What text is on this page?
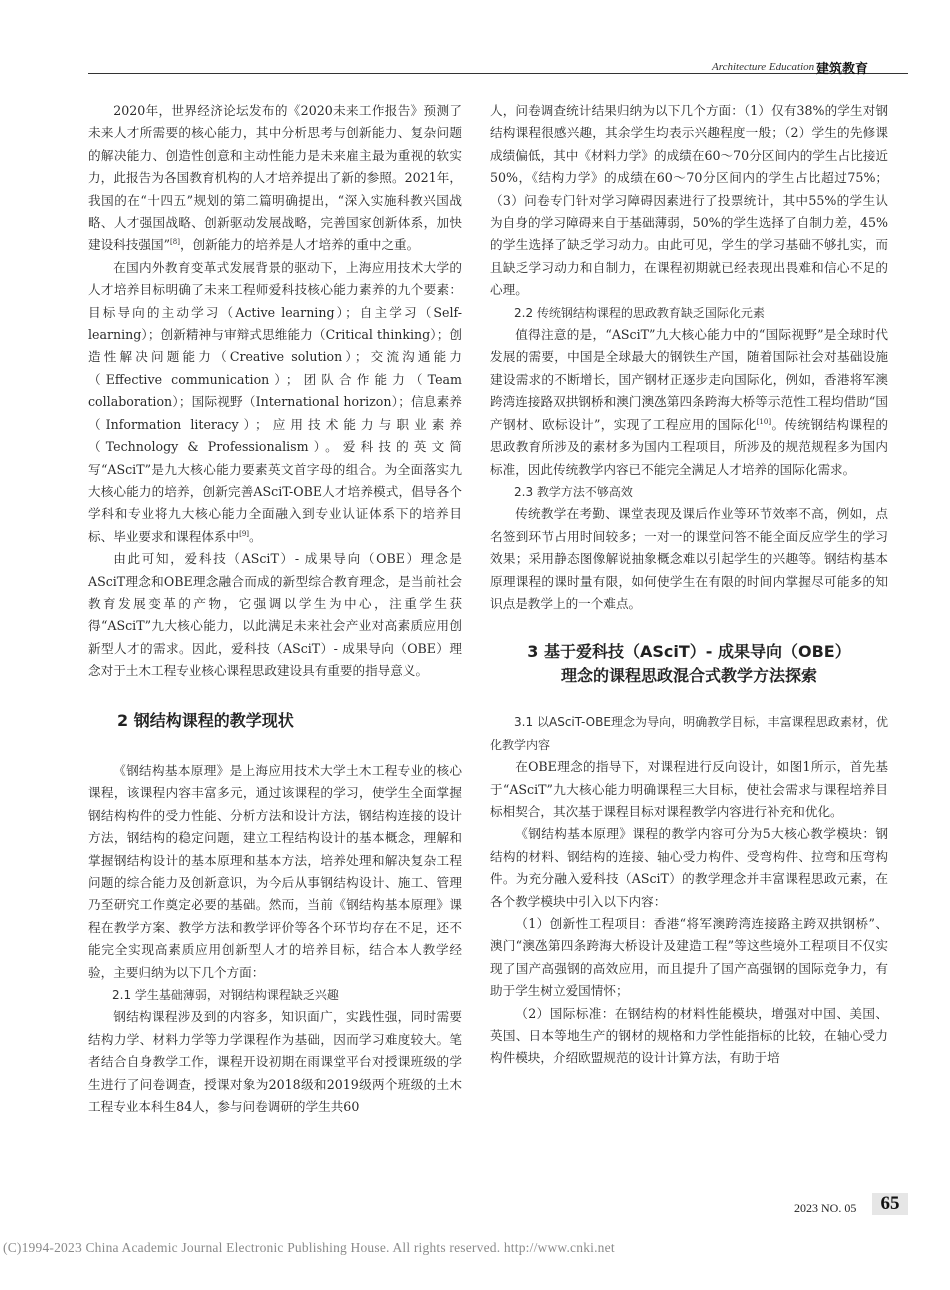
Architecture Education 建筑教育

2020年，世界经济论坛发布的《2020未来工作报告》预测了未来人才所需要的核心能力，其中分析思考与创新能力、复杂问题的解决能力、创造性创意和主动性能力是未来雇主最为重视的软实力，此报告为各国教育机构的人才培养提出了新的参照。2021年，我国的在“十四五”规划的第二篇明确提出，“深入实施科教兴国战略、人才强国战略、创新驱动发展战略，完善国家创新体系，加快建设科技强国”[8]，创新能力的培养是人才培养的重中之重。

在国内外教育变革式发展背景的驱动下，上海应用技术大学的人才培养目标明确了未来工程师爱科技核心能力素养的九个要素：目标导向的主动学习（Active learning）；自主学习（Self-learning）；创新精神与审辩式思维能力（Critical thinking）；创造性解决问题能力（Creative solution）；交流沟通能力（Effective communication）；团队合作能力（Team collaboration）；国际视野（International horizon）；信息素养（Information literacy）；应用技术能力与职业素养（Technology & Professionalism）。爱科技的英文简写“ASciT”是九大核心能力要素英文首字母的组合。为全面落实九大核心能力的培养，创新完善ASciT-OBE人才培养模式，倡导各个学科和专业将九大核心能力全面融入到专业认证体系下的培养目标、毕业要求和课程体系中[9]。

由此可知，爱科技（ASciT）- 成果导向（OBE）理念是ASciT理念和OBE理念融合而成的新型综合教育理念，是当前社会教育发展变革的产物，它强调以学生为中心，注重学生获得“ASciT”九大核心能力，以此满足未来社会产业对高素质应用创新型人才的需求。因此，爱科技（ASciT）- 成果导向（OBE）理念对于土木工程专业核心课程思政建设具有重要的指导意义。

2 钢结构课程的教学现状

《钢结构基本原理》是上海应用技术大学土木工程专业的核心课程，该课程内容丰富多元，通过该课程的学习，使学生全面掌握钢结构构件的受力性能、分析方法和设计方法，钢结构连接的设计方法，钢结构的稳定问题，建立工程结构设计的基本概念，理解和掌握钢结构设计的基本原理和基本方法，培养处理和解决复杂工程问题的综合能力及创新意识，为今后从事钢结构设计、施工、管理乃至研究工作奠定必要的基础。然而，当前《钢结构基本原理》课程在教学方案、教学方法和教学评价等各个环节均存在不足，还不能完全实现高素质应用创新型人才的培养目标，结合本人教学经验，主要归纳为以下几个方面：

2.1 学生基础薄弱，对钢结构课程缺乏兴趣

钢结构课程涉及到的内容多，知识面广，实践性强，同时需要结构力学、材料力学等力学课程作为基础，因而学习难度较大。笔者结合自身教学工作，课程开设初期在雨课堂平台对授课班级的学生进行了问卷调查，授课对象为2018级和2019级两个班级的土木工程专业本科生84人，参与问卷调研的学生共60

人，问卷调查统计结果归纳为以下几个方面：（1）仅有38%的学生对钢结构课程很感兴趣，其余学生均表示兴趣程度一般；（2）学生的先修课成绩偏低，其中《材料力学》的成绩在60～70分区间内的学生占比接近50%，《结构力学》的成绩在60～70分区间内的学生占比超过75%；（3）问卷专门针对学习障碍因素进行了投票统计，其中55%的学生认为自身的学习障碍来自于基础薄弱，50%的学生选择了自制力差，45%的学生选择了缺乏学习动力。由此可见，学生的学习基础不够扎实，而且缺乏学习动力和自制力，在课程初期就已经表现出畏难和信心不足的心理。

2.2 传统钢结构课程的思政教育缺乏国际化元素

值得注意的是，“ASciT”九大核心能力中的“国际视野”是全球时代发展的需要，中国是全球最大的钢铁生产国，随着国际社会对基础设施建设需求的不断增长，国产钢材正逐步走向国际化，例如，香港将军澳跨湾连接路双拱钢桥和澳门澳氹第四条跨海大桥等示范性工程均借助“国产钢材、欧标设计”，实现了工程应用的国际化[10]。传统钢结构课程的思政教育所涉及的素材多为国内工程项目，所涉及的规范规程多为国内标准，因此传统教学内容已不能完全满足人才培养的国际化需求。

2.3 教学方法不够高效

传统教学在考勤、课堂表现及课后作业等环节效率不高，例如，点名签到环节占用时间较多；一对一的课堂问答不能全面反应学生的学习效果；采用静态图像解说抽象概念难以引起学生的兴趣等。钢结构基本原理课程的课时量有限，如何使学生在有限的时间内掌握尽可能多的知识点是教学上的一个难点。

3 基于爱科技（ASciT）- 成果导向（OBE）
理念的课程思政混合式教学方法探索
3.1 以ASciT-OBE理念为导向，明确教学目标，丰富课程思政素材，优化教学内容

在OBE理念的指导下，对课程进行反向设计，如图1所示，首先基于“ASciT”九大核心能力明确课程三大目标，使社会需求与课程培养目标相契合，其次基于课程目标对课程教学内容进行补充和优化。

《钢结构基本原理》课程的教学内容可分为5大核心教学模块：钢结构的材料、钢结构的连接、轴心受力构件、受弯构件、拉弯和压弯构件。为充分融入爱科技（ASciT）的教学理念并丰富课程思政元素，在各个教学模块中引入以下内容：

（1）创新性工程项目：香港“将军澳跨湾连接路主跨双拱钢桥”、澳门“澳氹第四条跨海大桥设计及建造工程”等这些境外工程项目不仅实现了国产高强钢的高效应用，而且提升了国产高强钢的国际竞争力，有助于学生树立爱国情怀；

（2）国际标准：在钢结构的材料性能模块，增强对中国、美国、英国、日本等地生产的钢材的规格和力学性能指标的比较，在轴心受力构件模块，介绍欧盟规范的设计计算方法，有助于培

2023 NO. 05	65
(C)1994-2023 China Academic Journal Electronic Publishing House. All rights reserved. http://www.cnki.net
